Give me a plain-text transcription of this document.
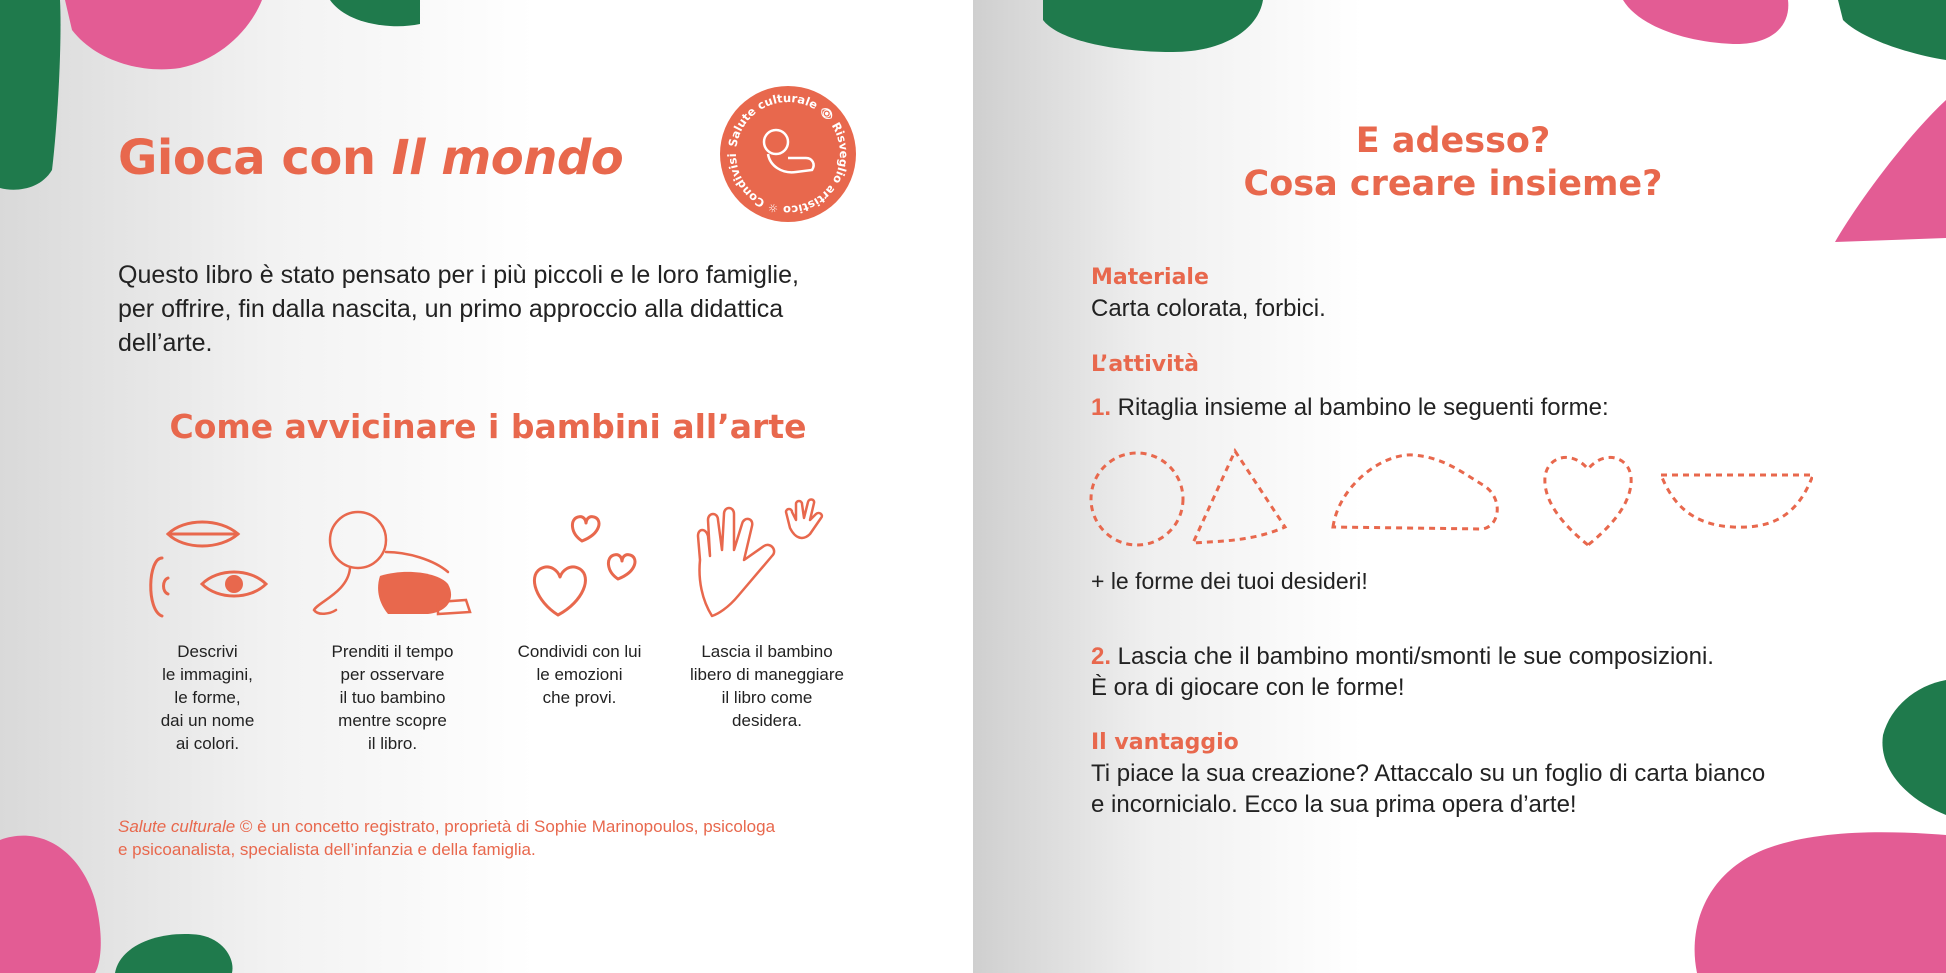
Gioca con Il mondo	Salute culturale 👁 Risveglio artistico ☼ Condivisi
Questo libro è stato pensato per i più piccoli e le loro famiglie,
per offrire, fin dalla nascita, un primo approccio alla didattica
dell’arte.
Come avvicinare i bambini all’arte
Descrivi
le immagini,
le forme,
dai un nome
ai colori.
Prenditi il tempo
per osservare
il tuo bambino
mentre scopre
il libro.
Condividi con lui
le emozioni
che provi.
Lascia il bambino
libero di maneggiare
il libro come
desidera.
Salute culturale © è un concetto registrato, proprietà di Sophie Marinopoulos, psicologa
e psicoanalista, specialista dell’infanzia e della famiglia.
E adesso?
Cosa creare insieme?
Materiale
Carta colorata, forbici.
L’attività
1. Ritaglia insieme al bambino le seguenti forme:
+ le forme dei tuoi desideri!
2. Lascia che il bambino monti/smonti le sue composizioni.
È ora di giocare con le forme!
Il vantaggio
Ti piace la sua creazione? Attaccalo su un foglio di carta bianco
e incornicialo. Ecco la sua prima opera d’arte!
